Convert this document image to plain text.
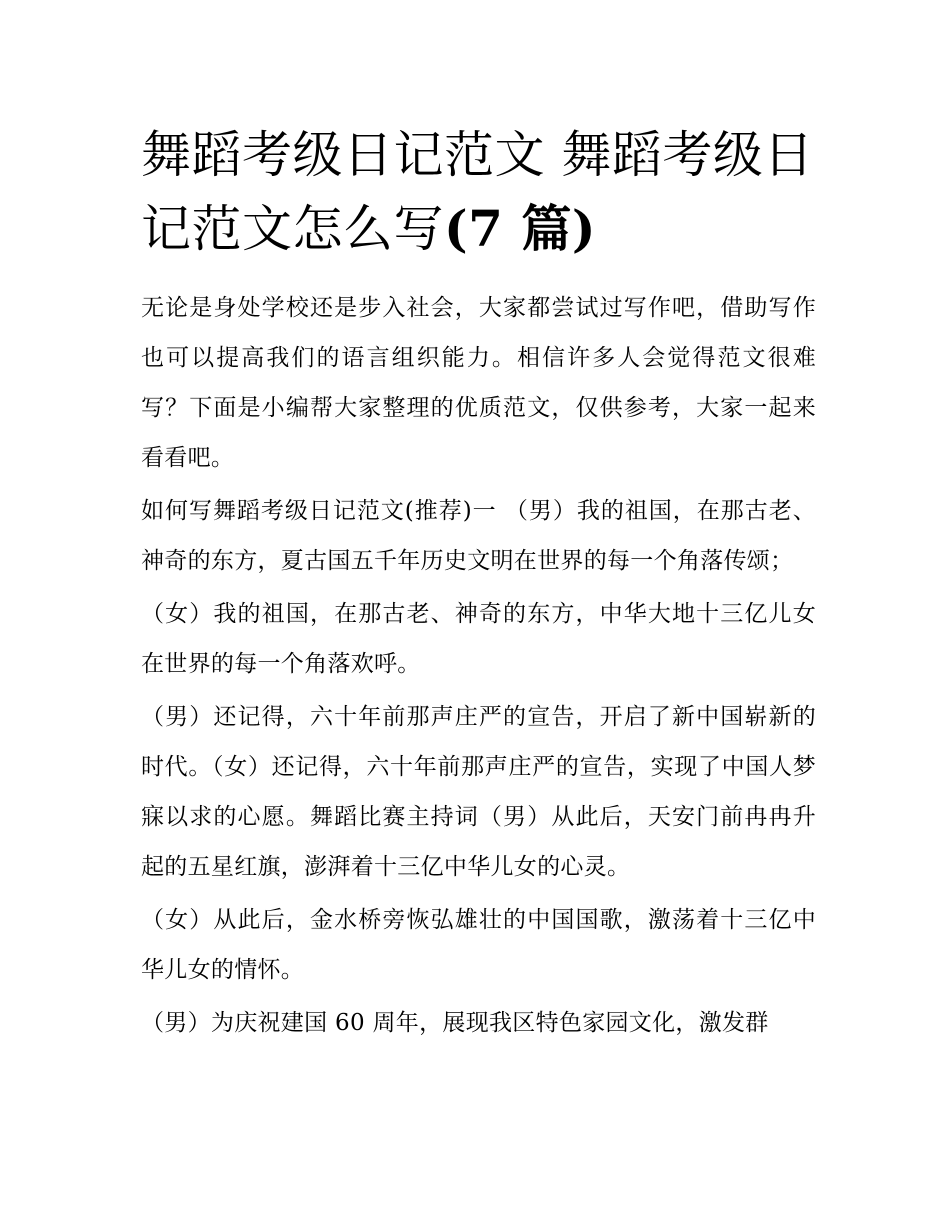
舞蹈考级日记范文 舞蹈考级日记范文怎么写(7 篇)

无论是身处学校还是步入社会，大家都尝试过写作吧，借助写作也可以提高我们的语言组织能力。相信许多人会觉得范文很难写？下面是小编帮大家整理的优质范文，仅供参考，大家一起来看看吧。

如何写舞蹈考级日记范文(推荐)一 （男）我的祖国，在那古老、神奇的东方，夏古国五千年历史文明在世界的每一个角落传颂；

（女）我的祖国，在那古老、神奇的东方，中华大地十三亿儿女在世界的每一个角落欢呼。

（男）还记得，六十年前那声庄严的宣告，开启了新中国崭新的时代。（女）还记得，六十年前那声庄严的宣告，实现了中国人梦寐以求的心愿。舞蹈比赛主持词（男）从此后，天安门前冉冉升起的五星红旗，澎湃着十三亿中华儿女的心灵。

（女）从此后，金水桥旁恢弘雄壮的中国国歌，激荡着十三亿中华儿女的情怀。

（男）为庆祝建国 60 周年，展现我区特色家园文化，激发群
